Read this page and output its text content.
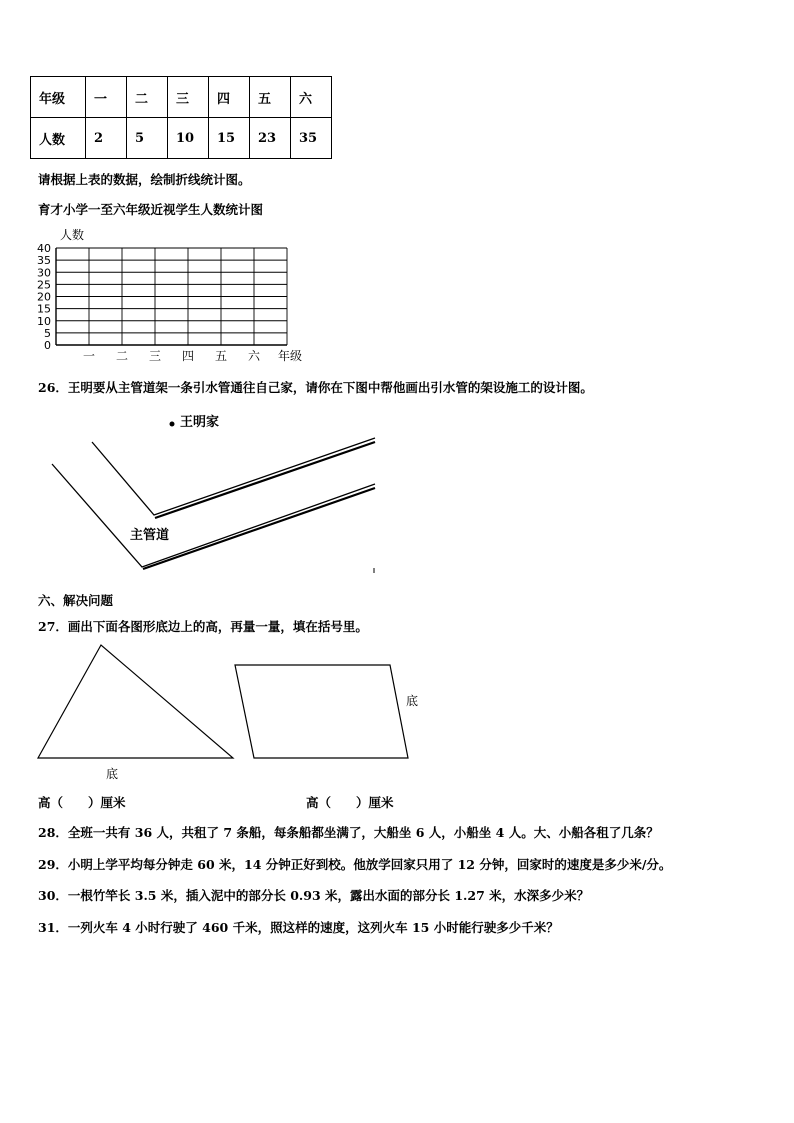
年级	一	二	三	四	五	六
人数	2	5	10	15	23	35
请根据上表的数据，绘制折线统计图。
育才小学一至六年级近视学生人数统计图
0
5
10
15
20
25
30
35
40
一 二 三 四 五 六
人数
年级
26．王明要从主管道架一条引水管通往自己家，请你在下图中帮他画出引水管的架设施工的设计图。
王明家
主管道
六、解决问题
27．画出下面各图形底边上的高，再量一量，填在括号里。
底
底
高（　　）厘米	高（　　）厘米
28．全班一共有 36 人，共租了 7 条船，每条船都坐满了，大船坐 6 人，小船坐 4 人。大、小船各租了几条？
29．小明上学平均每分钟走 60 米，14 分钟正好到校。他放学回家只用了 12 分钟，回家时的速度是多少米/分。
30．一根竹竿长 3.5 米，插入泥中的部分长 0.93 米，露出水面的部分长 1.27 米，水深多少米？
31．一列火车 4 小时行驶了 460 千米，照这样的速度，这列火车 15 小时能行驶多少千米？
